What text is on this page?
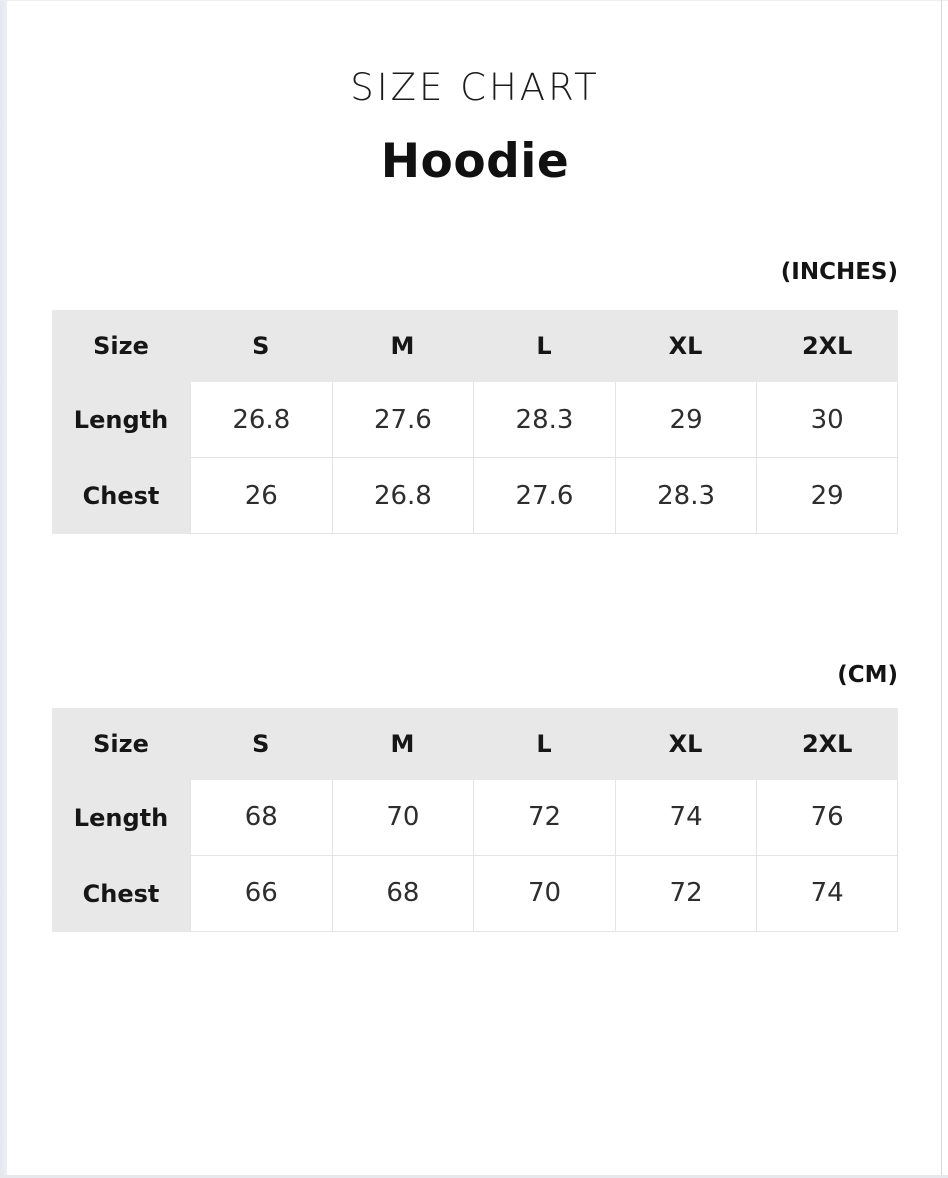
SIZE CHART
Hoodie
(INCHES)
Size	S	M	L	XL	2XL
Length	26.8	27.6	28.3	29	30
Chest	26	26.8	27.6	28.3	29
(CM)
Size	S	M	L	XL	2XL
Length	68	70	72	74	76
Chest	66	68	70	72	74
